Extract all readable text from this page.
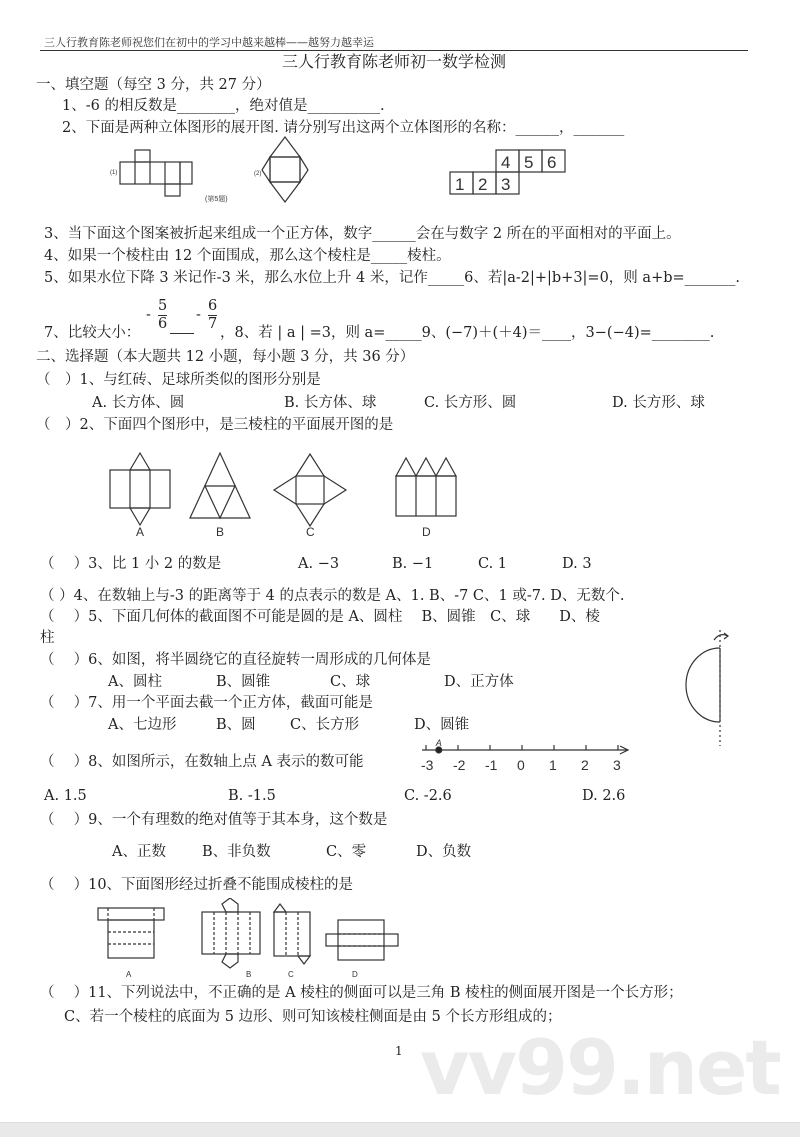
三人行教育陈老师祝您们在初中的学习中越来越棒——越努力越幸运
三人行教育陈老师初一数学检测
一、填空题（每空 3 分，共 27 分）
1、-6 的相反数是________，绝对值是__________.
2、下面是两种立体图形的展开图. 请分别写出这两个立体图形的名称：______，_______
(1)	(2)
(第5题)
4 5 6
1 2 3
3、当下面这个图案被折起来组成一个正方体，数字______会在与数字 2 所在的平面相对的平面上。
4、如果一个棱柱由 12 个面围成，那么这个棱柱是_____棱柱。
5、如果水位下降 3 米记作-3 米，那么水位上升 4 米，记作_____6、若|a-2|+|b+3|=0，则 a+b=_______.
7、比较大小：
-
5
6
-
6
7
，8、若 | a | =3，则 a=_____9、(−7)＋(＋4)＝____，3−(−4)=________.
二、选择题（本大题共 12 小题，每小题 3 分，共 36 分）
（　）1、与红砖、足球所类似的图形分别是
A. 长方体、圆	B. 长方体、球	C. 长方形、圆	D. 长方形、球
（　）2、下面四个图形中，是三棱柱的平面展开图的是
A	B	C	D
（　 ）3、比 1 小 2 的数是	A. −3	B. −1	C. 1	D. 3
（ ）4、在数轴上与-3 的距离等于 4 的点表示的数是 A、1. B、-7 C、1 或-7. D、无数个.
（　 ）5、下面几何体的截面图不可能是圆的是 A、圆柱　 B、圆锥　C、球　　D、棱
柱
（　 ）6、如图，将半圆绕它的直径旋转一周形成的几何体是
A、圆柱	B、圆锥	C、球	D、正方体
（　 ）7、用一个平面去截一个正方体，截面可能是
A、七边形	B、圆 C、长方形	D、圆锥
（　 ）8、如图所示，在数轴上点 A 表示的数可能	-3 -2 -1 0 1 2 3
A
A. 1.5	B. -1.5	C. -2.6	D. 2.6
（　 ）9、一个有理数的绝对值等于其本身，这个数是
A、正数 B、非负数	C、零	D、负数
（　 ）10、下面图形经过折叠不能围成棱柱的是
A	B	C	D
vv99.net
（　 ）11、下列说法中，不正确的是 A 棱柱的侧面可以是三角 B 棱柱的侧面展开图是一个长方形；
C、若一个棱柱的底面为 5 边形、则可知该棱柱侧面是由 5 个长方形组成的；
1
